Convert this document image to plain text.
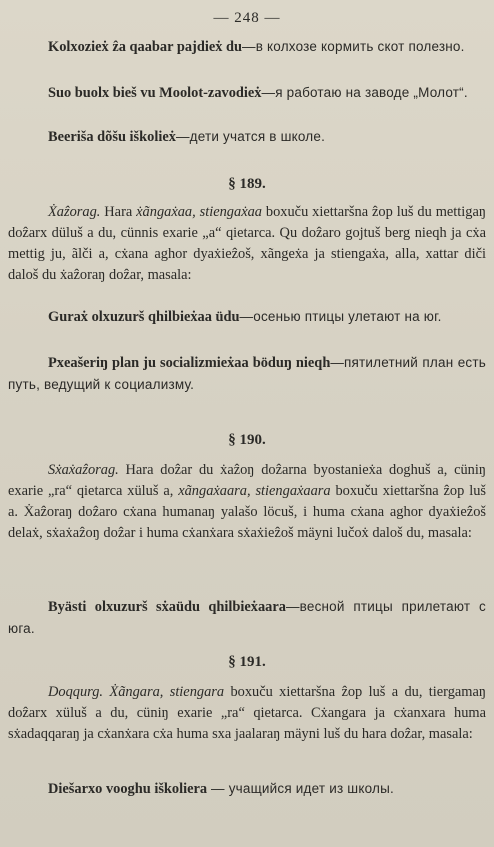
— 248 —
Kolxozieẋ ẑa qaabar pajdieẋ du—в колхозе кормить скот полезно.
Suo buolx bieš vu Moolot-zavodieẋ—я работаю на заводе „Молот“.
Beeriša dõšu iškolieẋ—дети учатся в школе.
§ 189.
Ẋaẑorag. Hara ẋãngaẋaa, stiengaẋaa boxuču xiettaršna ẑop luš du mettigaŋ doẑarx düluš a du, cünnis exarie „a“ qietarca. Qu doẑaro gojtuš berg nieqh ja cẋa mettig ju, ãlči a, cẋana aghor dyaẋieẑoš, xãngeẋa ja stiengaẋa, alla, xattar diči daloš du ẋaẑoraŋ doẑar, masala:
Guraẋ olxuzurš qhilbieẋaa üdu—осенью птицы улетают на юг.
Pxeašeriŋ plan ju socializmieẋaa böduŋ nieqh—пятилетний план есть путь, ведущий к социализму.
§ 190.
Sẋaẋaẑorag. Hara doẑar du ẋaẑoŋ doẑarna byostanieẋa doghuš a, cüniŋ exarie „ra“ qietarca xüluš a, xãngaẋaara, stiengaẋaara boxuču xiettaršna ẑop luš a. Ẋaẑoraŋ doẑaro cẋana humanaŋ yalašo löcuš, i huma cẋana aghor dyaẋieẑoš delaẋ, sẋaẋaẑoŋ doẑar i huma cẋanẋara sẋaẋieẑoš mäyni lučoẋ daloš du, masala:
Byästi olxuzurš sẋaüdu qhilbieẋaara—весной птицы прилетают с юга.
§ 191.
Doqqurg. Ẋãngara, stiengara boxuču xiettaršna ẑop luš a du, tiergamaŋ doẑarx xüluš a du, cüniŋ exarie „ra“ qietarca. Cẋangara ja cẋanxara huma sẋadaqqaraŋ ja cẋanẋara cẋa huma sxa jaalaraŋ mäyni luš du hara doẑar, masala:
Diešarxo vooghu iškoliera — учащийся идет из школы.
